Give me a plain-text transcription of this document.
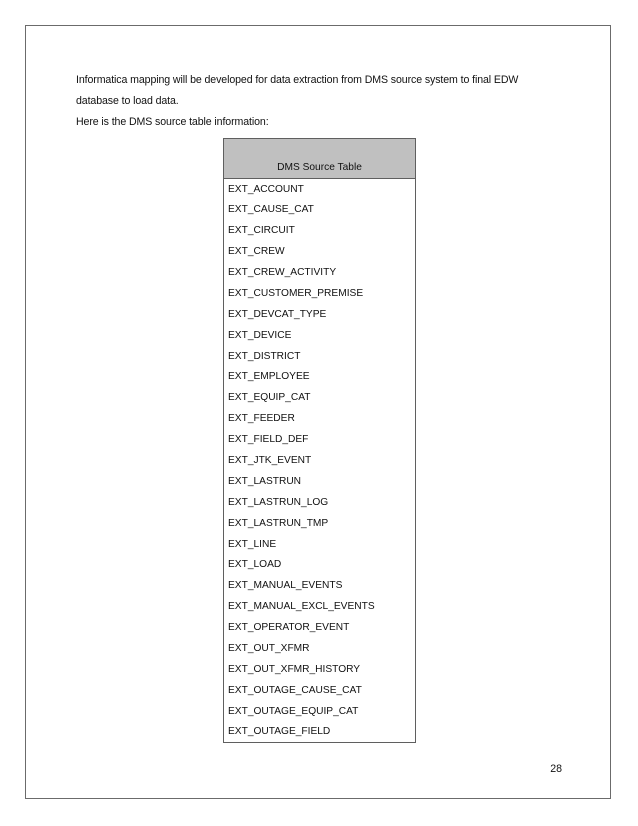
Informatica mapping will be developed for data extraction from DMS source system to final EDW

database to load data.

Here is the DMS source table information:

DMS Source Table
EXT_ACCOUNT
EXT_CAUSE_CAT
EXT_CIRCUIT
EXT_CREW
EXT_CREW_ACTIVITY
EXT_CUSTOMER_PREMISE
EXT_DEVCAT_TYPE
EXT_DEVICE
EXT_DISTRICT
EXT_EMPLOYEE
EXT_EQUIP_CAT
EXT_FEEDER
EXT_FIELD_DEF
EXT_JTK_EVENT
EXT_LASTRUN
EXT_LASTRUN_LOG
EXT_LASTRUN_TMP
EXT_LINE
EXT_LOAD
EXT_MANUAL_EVENTS
EXT_MANUAL_EXCL_EVENTS
EXT_OPERATOR_EVENT
EXT_OUT_XFMR
EXT_OUT_XFMR_HISTORY
EXT_OUTAGE_CAUSE_CAT
EXT_OUTAGE_EQUIP_CAT
EXT_OUTAGE_FIELD
28
